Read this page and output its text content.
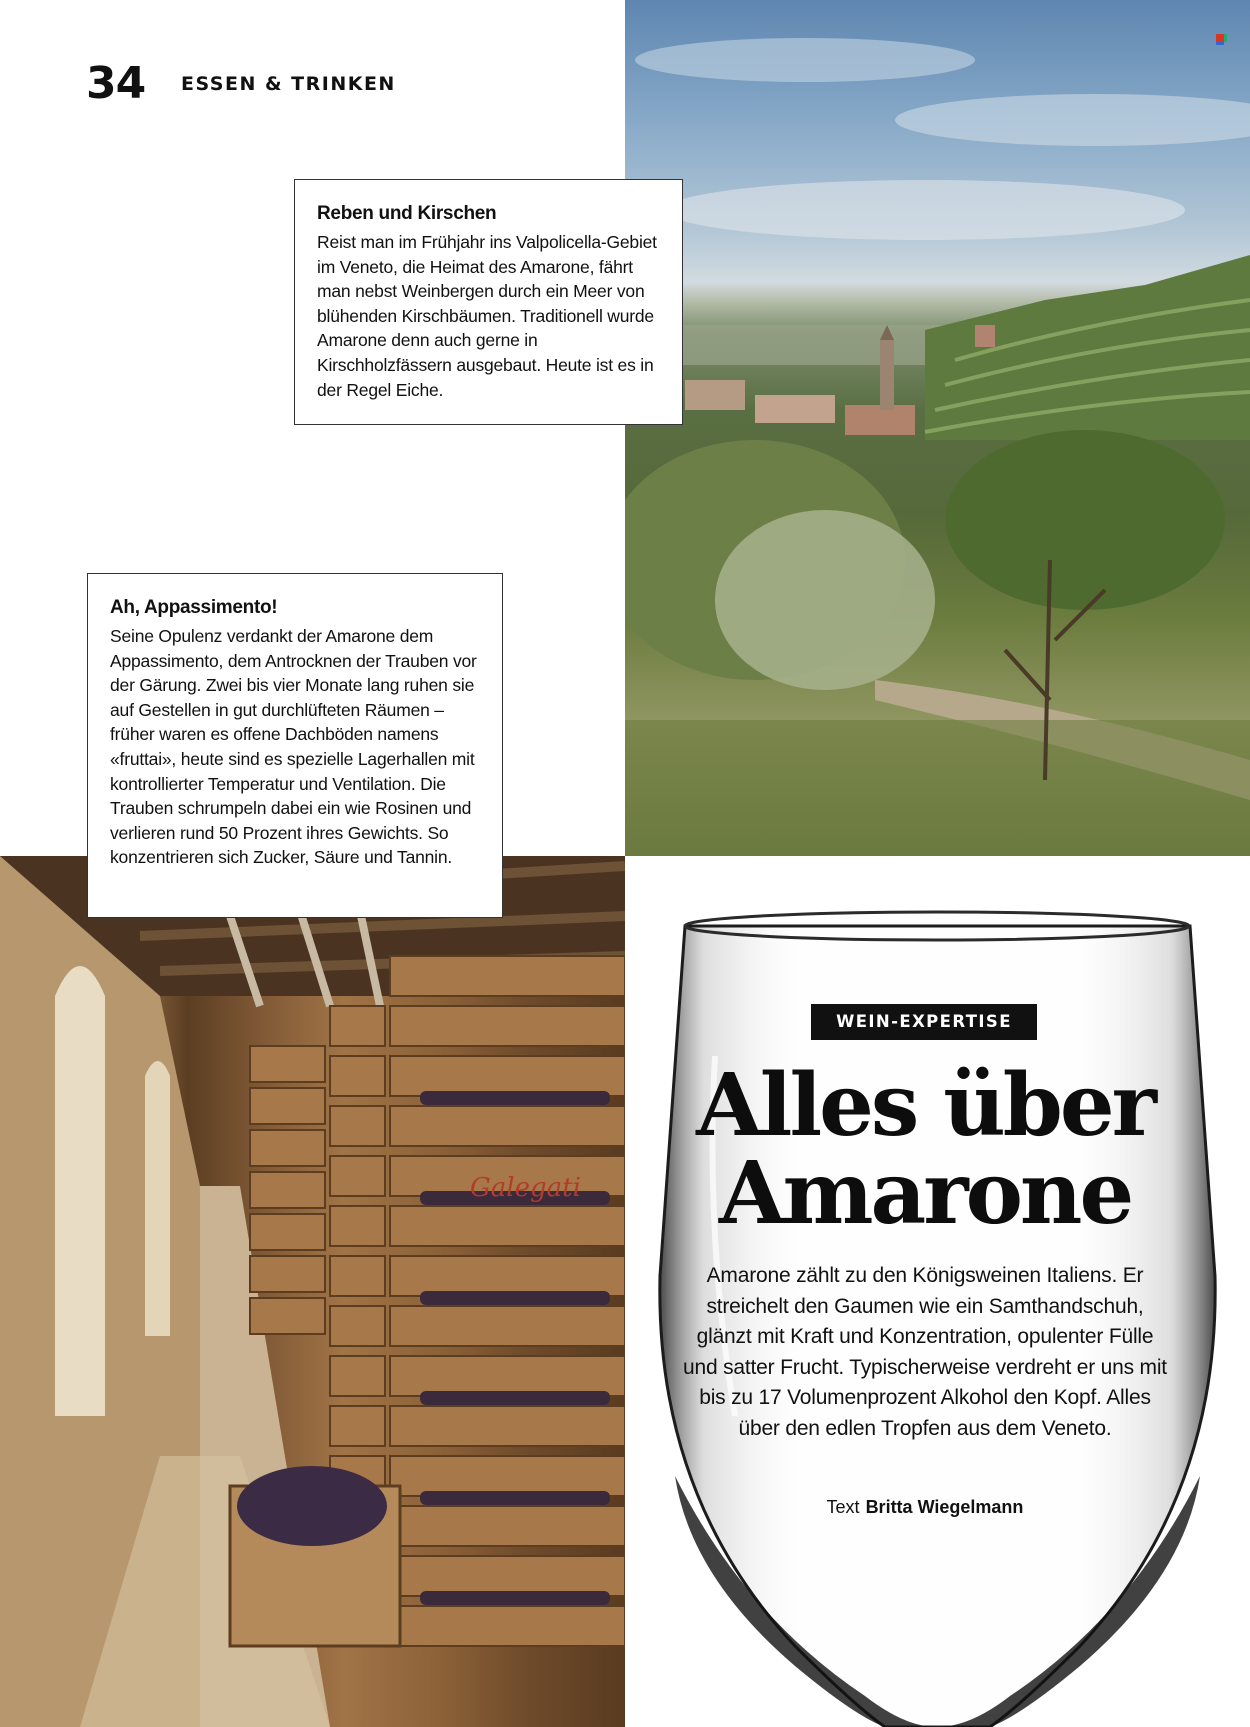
34 ESSEN & TRINKEN
Galegati
Reben und Kirschen

Reist man im Frühjahr ins Valpolicella-Gebiet im Veneto, die Heimat des Amarone, fährt man nebst Weinbergen durch ein Meer von blühenden Kirschbäumen. Traditionell wurde Amarone denn auch gerne in Kirschholzfässern ausgebaut. Heute ist es in der Regel Eiche.

Ah, Appassimento!

Seine Opulenz verdankt der Amarone dem Appassimento, dem Antrocknen der Trauben vor der Gärung. Zwei bis vier Monate lang ruhen sie auf Gestellen in gut durchlüfteten Räumen – früher waren es offene Dachböden namens «fruttai», heute sind es spezielle Lagerhallen mit kontrollierter Temperatur und Ventilation. Die Trauben schrumpeln dabei ein wie Rosinen und verlieren rund 50 Prozent ihres Gewichts. So konzentrieren sich Zucker, Säure und Tannin.

WEIN-EXPERTISE
Alles über
Amarone

Amarone zählt zu den Königsweinen Italiens. Er streichelt den Gaumen wie ein Samthandschuh, glänzt mit Kraft und Konzentration, opulenter Fülle und satter Frucht. Typischerweise verdreht er uns mit bis zu 17 Volumenprozent Alkohol den Kopf. Alles über den edlen Tropfen aus dem Veneto.

Text Britta Wiegelmann
